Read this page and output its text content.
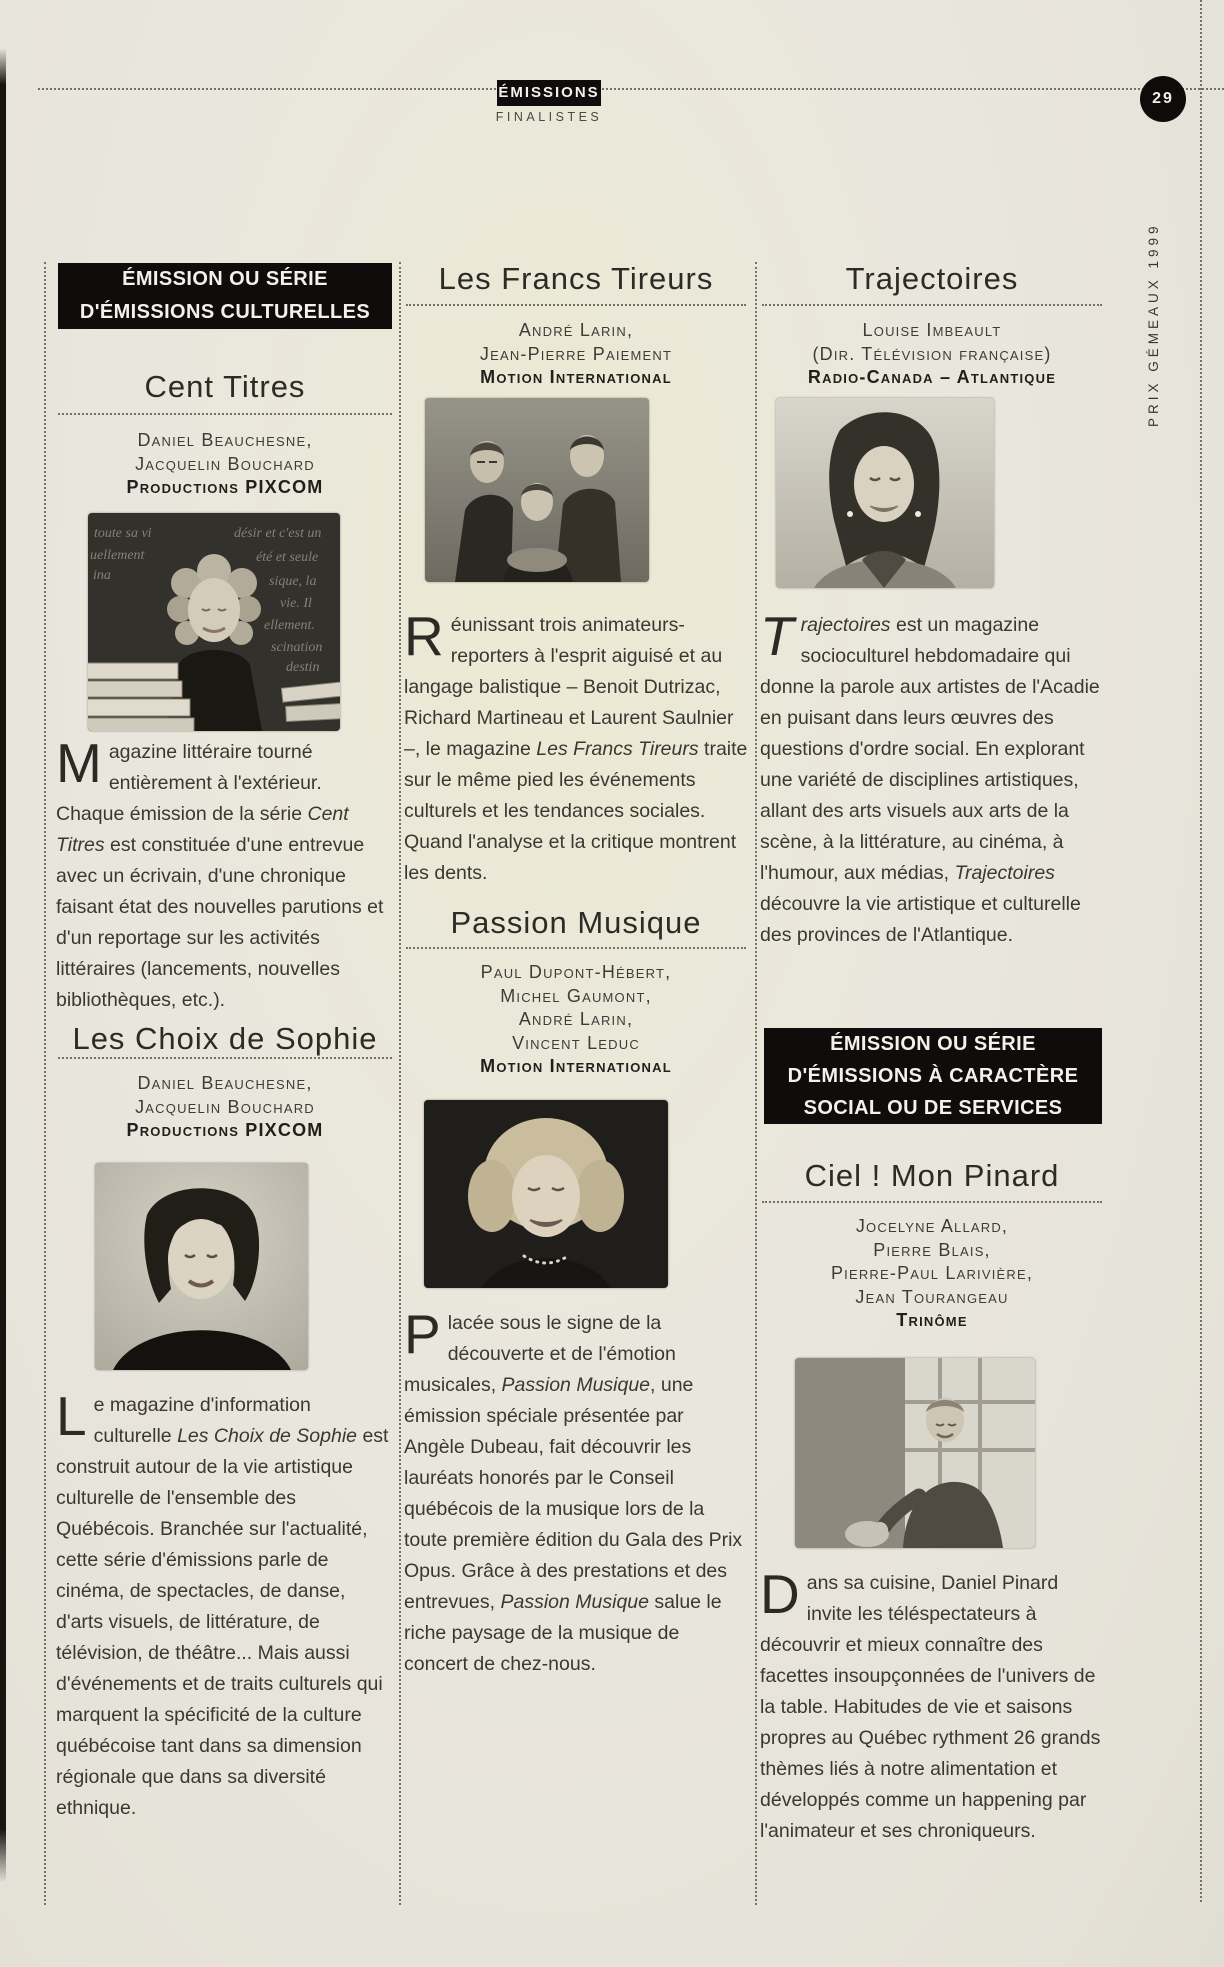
ÉMISSIONS
FINALISTES
29
PRIX GÉMEAUX 1999
ÉMISSION OU SÉRIE
D'ÉMISSIONS CULTURELLES
Cent Titres
Daniel Beauchesne,
Jacquelin Bouchard
Productions PIXCOM
toute sa vi
uellement
ina
désir et c'est un
été et seule
sique, la
vie. Il
ellement.
scination
destin

Magazine littéraire tourné entièrement à l'extérieur. Chaque émission de la série Cent Titres est constituée d'une entrevue avec un écrivain, d'une chronique faisant état des nouvelles parutions et d'un reportage sur les activités littéraires (lancements, nouvelles bibliothèques, etc.).

Les Choix de Sophie
Daniel Beauchesne,
Jacquelin Bouchard
Productions PIXCOM

Le magazine d'information culturelle Les Choix de Sophie est construit autour de la vie artistique culturelle de l'ensemble des Québécois. Branchée sur l'actualité, cette série d'émissions parle de cinéma, de spectacles, de danse, d'arts visuels, de littérature, de télévision, de théâtre... Mais aussi d'événements et de traits culturels qui marquent la spécificité de la culture québécoise tant dans sa dimension régionale que dans sa diversité ethnique.

Les Francs Tireurs
André Larin,
Jean-Pierre Paiement
Motion International

Réunissant trois animateurs-reporters à l'esprit aiguisé et au langage balistique – Benoit Dutrizac, Richard Martineau et Laurent Saulnier –, le magazine Les Francs Tireurs traite sur le même pied les événements culturels et les tendances sociales. Quand l'analyse et la critique montrent les dents.

Passion Musique
Paul Dupont-Hébert,
Michel Gaumont,
André Larin,
Vincent Leduc
Motion International

Placée sous le signe de la découverte et de l'émotion musicales, Passion Musique, une émission spéciale présentée par Angèle Dubeau, fait découvrir les lauréats honorés par le Conseil québécois de la musique lors de la toute première édition du Gala des Prix Opus. Grâce à des prestations et des entrevues, Passion Musique salue le riche paysage de la musique de concert de chez-nous.

Trajectoires
Louise Imbeault
(Dir. Télévision française)
Radio-Canada – Atlantique

Trajectoires est un magazine socioculturel hebdomadaire qui donne la parole aux artistes de l'Acadie en puisant dans leurs œuvres des questions d'ordre social. En explorant une variété de disciplines artistiques, allant des arts visuels aux arts de la scène, à la littérature, au cinéma, à l'humour, aux médias, Trajectoires découvre la vie artistique et culturelle des provinces de l'Atlantique.

ÉMISSION OU SÉRIE
D'ÉMISSIONS À CARACTÈRE
SOCIAL OU DE SERVICES
Ciel ! Mon Pinard
Jocelyne Allard,
Pierre Blais,
Pierre-Paul Larivière,
Jean Tourangeau
Trinôme

Dans sa cuisine, Daniel Pinard invite les téléspectateurs à découvrir et mieux connaître des facettes insoupçonnées de l'univers de la table. Habitudes de vie et saisons propres au Québec rythment 26 grands thèmes liés à notre alimentation et développés comme un happening par l'animateur et ses chroniqueurs.
